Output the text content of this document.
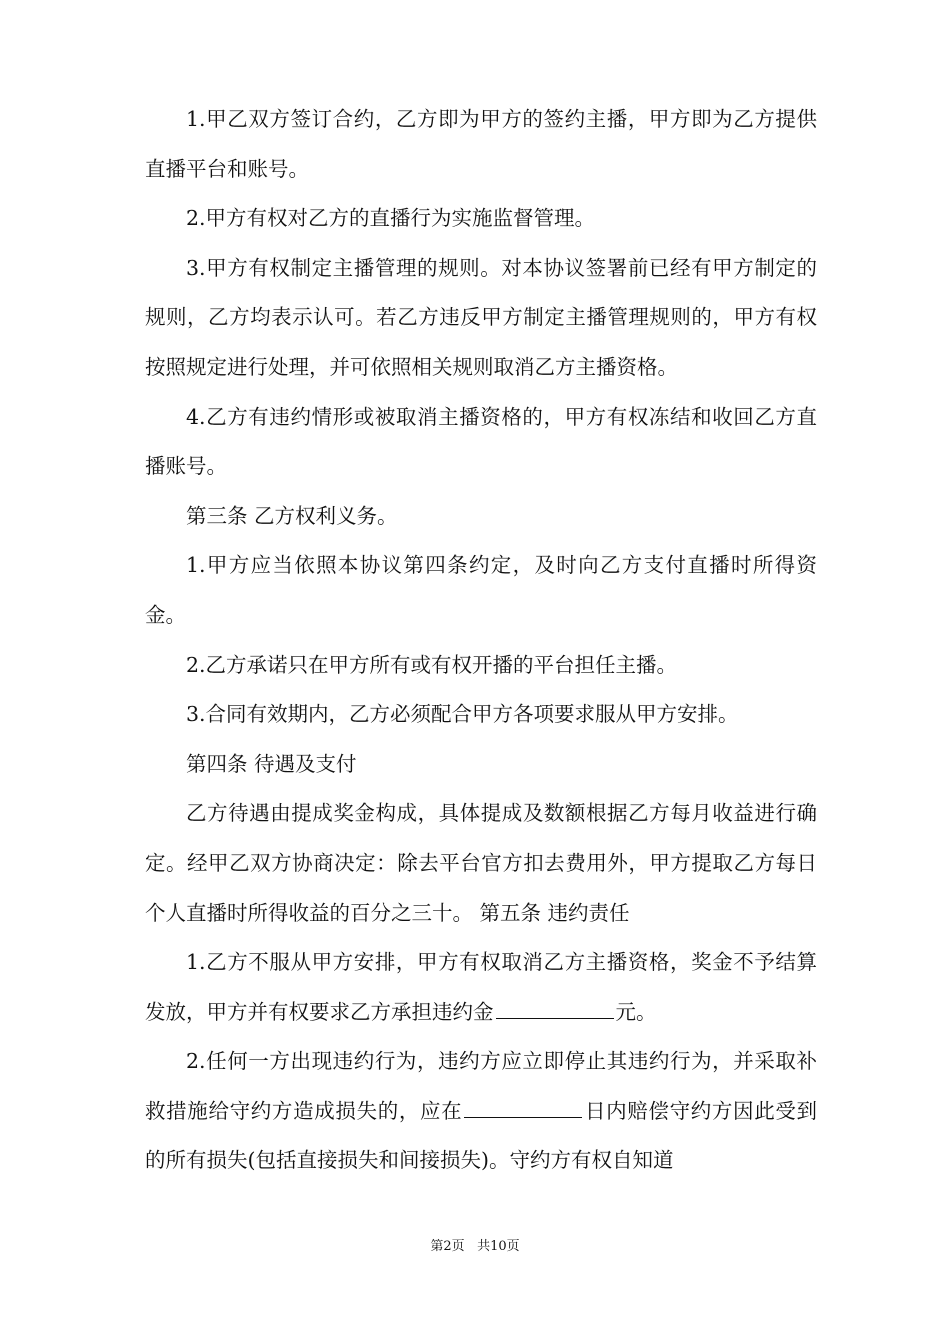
1.甲乙双方签订合约，乙方即为甲方的签约主播，甲方即为乙方提供直播平台和账号。

2.甲方有权对乙方的直播行为实施监督管理。

3.甲方有权制定主播管理的规则。对本协议签署前已经有甲方制定的规则，乙方均表示认可。若乙方违反甲方制定主播管理规则的，甲方有权按照规定进行处理，并可依照相关规则取消乙方主播资格。

4.乙方有违约情形或被取消主播资格的，甲方有权冻结和收回乙方直播账号。

第三条 乙方权利义务。

1.甲方应当依照本协议第四条约定，及时向乙方支付直播时所得资金。

2.乙方承诺只在甲方所有或有权开播的平台担任主播。

3.合同有效期内，乙方必须配合甲方各项要求服从甲方安排。

第四条 待遇及支付

乙方待遇由提成奖金构成，具体提成及数额根据乙方每月收益进行确定。经甲乙双方协商决定：除去平台官方扣去费用外，甲方提取乙方每日个人直播时所得收益的百分之三十。 第五条 违约责任

1.乙方不服从甲方安排，甲方有权取消乙方主播资格，奖金不予结算发放，甲方并有权要求乙方承担违约金	元。

2.任何一方出现违约行为，违约方应立即停止其违约行为，并采取补救措施给守约方造成损失的，应在	日内赔偿守约方因此受到的所有损失(包括直接损失和间接损失)。守约方有权自知道

第2页 共10页
